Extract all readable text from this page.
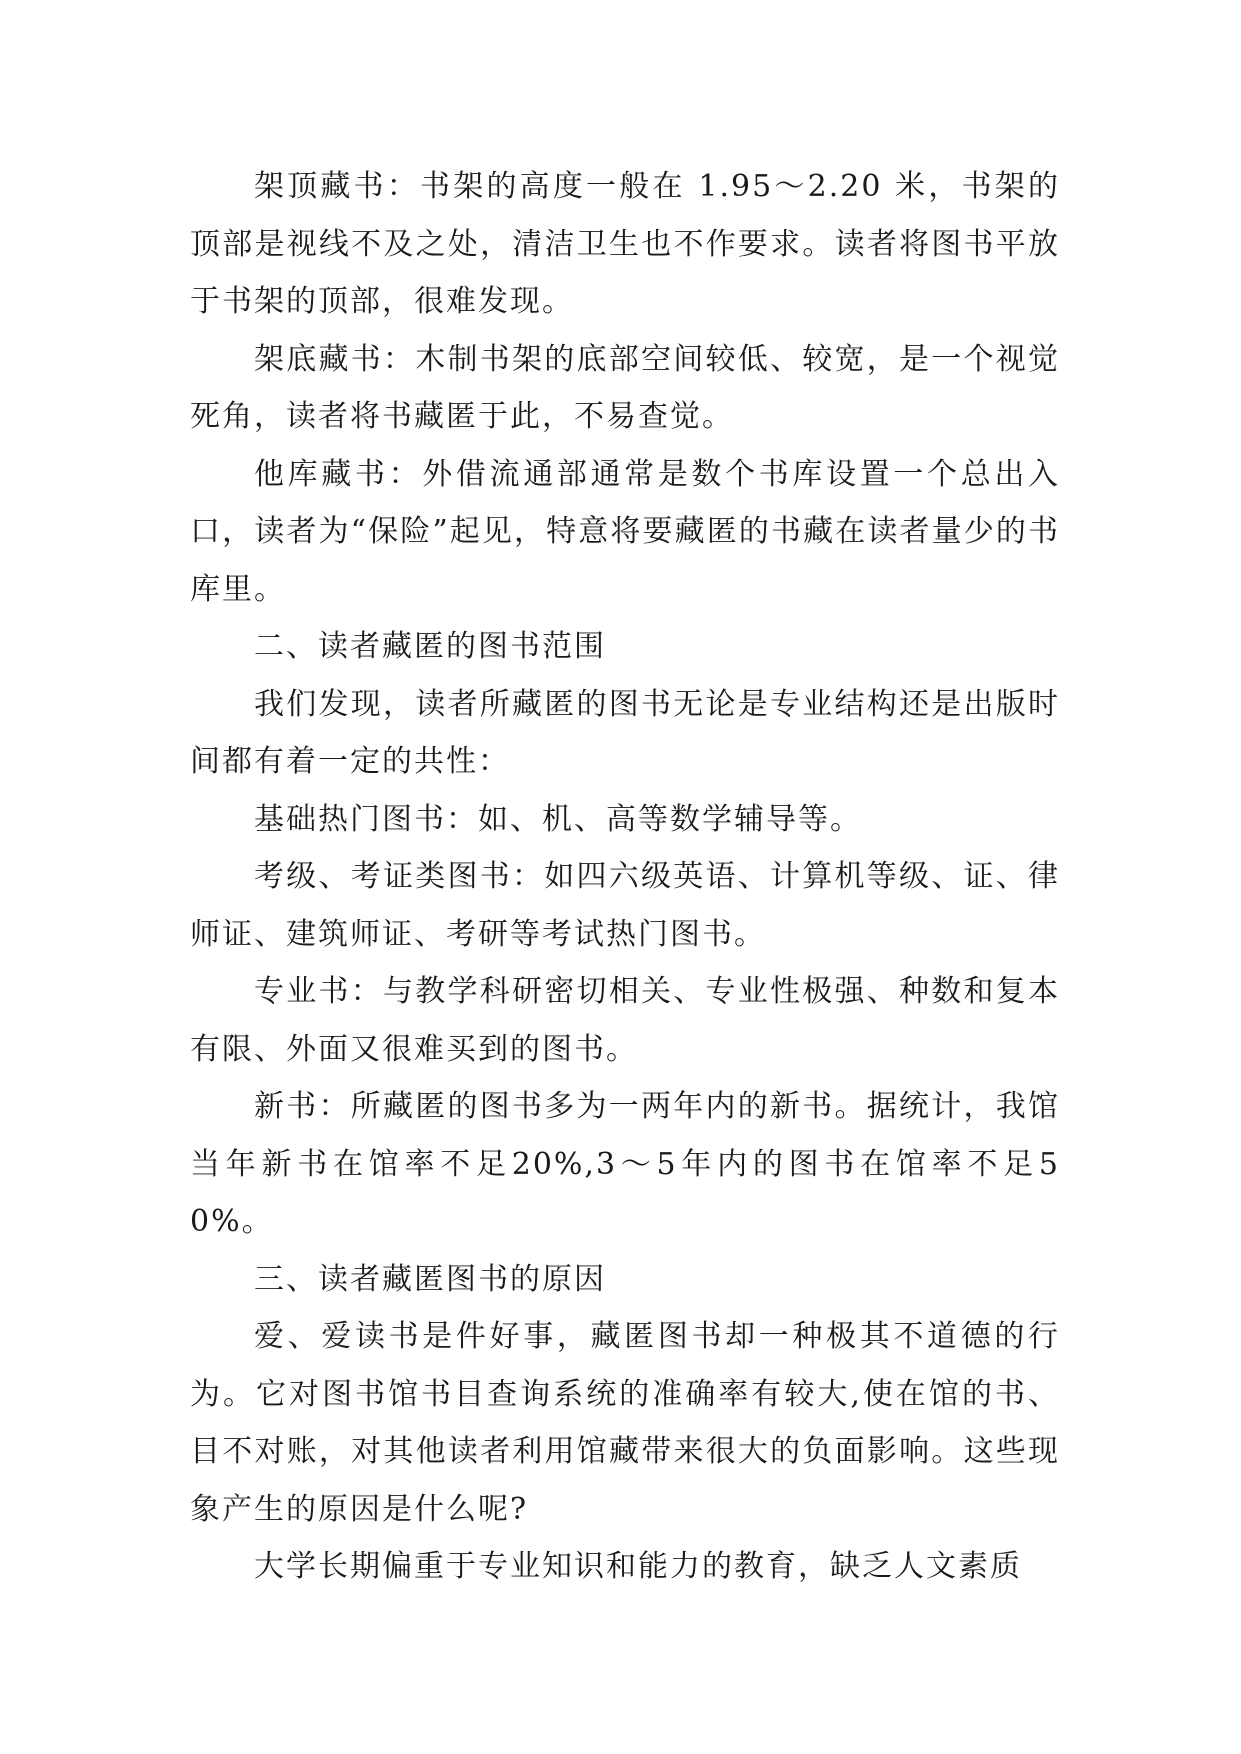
架顶藏书：书架的高度一般在 1.95～2.20 米，书架的顶部是视线不及之处，清洁卫生也不作要求。读者将图书平放于书架的顶部，很难发现。

架底藏书：木制书架的底部空间较低、较宽，是一个视觉死角，读者将书藏匿于此，不易查觉。

他库藏书：外借流通部通常是数个书库设置一个总出入口，读者为“保险”起见，特意将要藏匿的书藏在读者量少的书库里。

二、读者藏匿的图书范围

我们发现，读者所藏匿的图书无论是专业结构还是出版时间都有着一定的共性：

基础热门图书：如、机、高等数学辅导等。

考级、考证类图书：如四六级英语、计算机等级、证、律师证、建筑师证、考研等考试热门图书。

专业书：与教学科研密切相关、专业性极强、种数和复本有限、外面又很难买到的图书。

新书：所藏匿的图书多为一两年内的新书。据统计，我馆当年新书在馆率不足20%,3～5年内的图书在馆率不足50%。

三、读者藏匿图书的原因

爱、爱读书是件好事，藏匿图书却一种极其不道德的行为。它对图书馆书目查询系统的准确率有较大,使在馆的书、目不对账，对其他读者利用馆藏带来很大的负面影响。这些现象产生的原因是什么呢?

大学长期偏重于专业知识和能力的教育，缺乏人文素质
